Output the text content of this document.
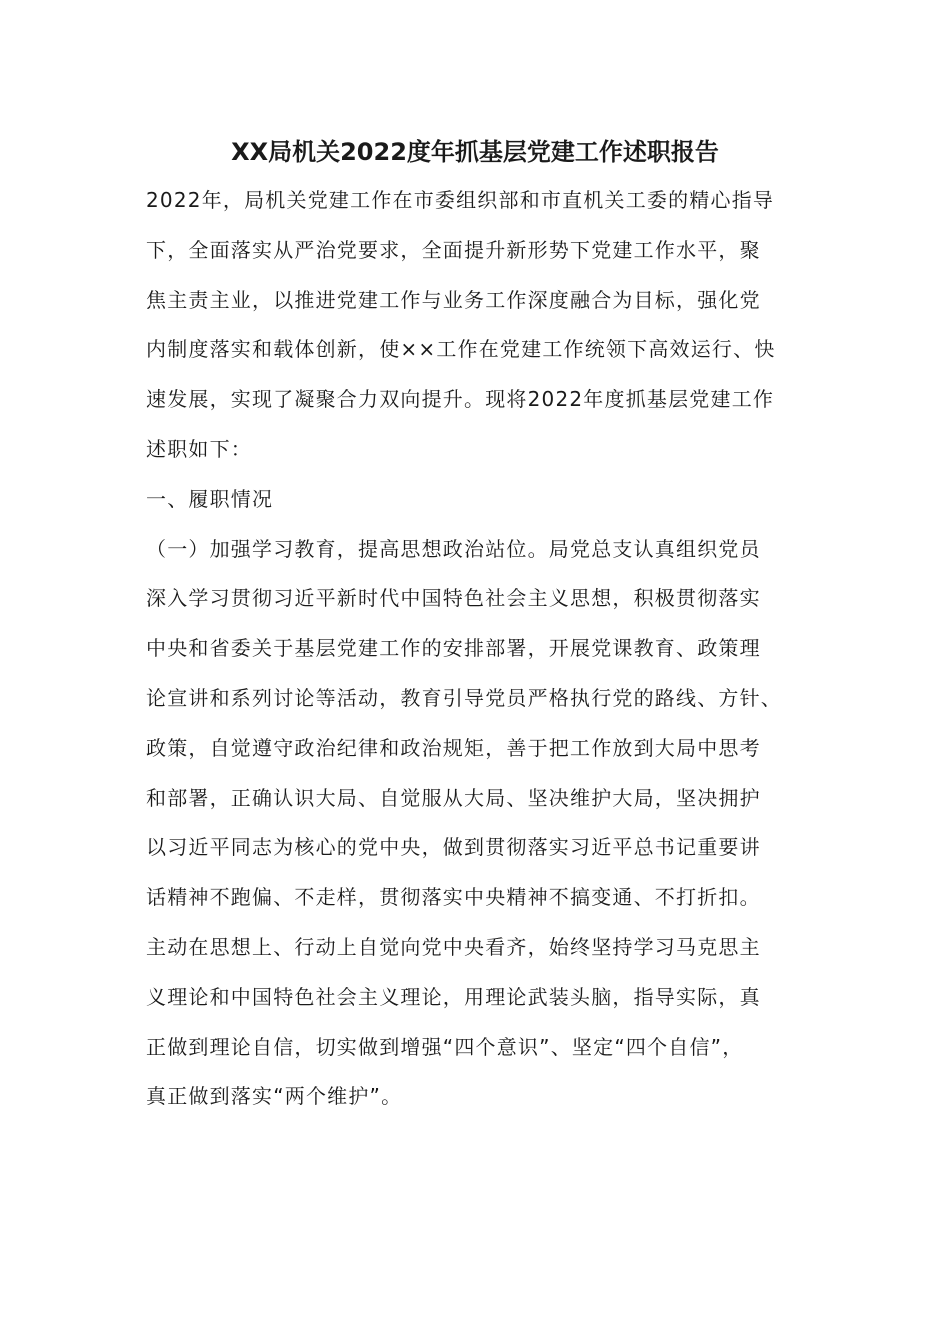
XX局机关2022度年抓基层党建工作述职报告
2022年，局机关党建工作在市委组织部和市直机关工委的精心指导
下，全面落实从严治党要求，全面提升新形势下党建工作水平，聚
焦主责主业，以推进党建工作与业务工作深度融合为目标，强化党
内制度落实和载体创新，使××工作在党建工作统领下高效运行、快
速发展，实现了凝聚合力双向提升。现将2022年度抓基层党建工作
述职如下：
一、履职情况
（一）加强学习教育，提高思想政治站位。局党总支认真组织党员
深入学习贯彻习近平新时代中国特色社会主义思想，积极贯彻落实
中央和省委关于基层党建工作的安排部署，开展党课教育、政策理
论宣讲和系列讨论等活动，教育引导党员严格执行党的路线、方针、
政策，自觉遵守政治纪律和政治规矩，善于把工作放到大局中思考
和部署，正确认识大局、自觉服从大局、坚决维护大局，坚决拥护
以习近平同志为核心的党中央，做到贯彻落实习近平总书记重要讲
话精神不跑偏、不走样，贯彻落实中央精神不搞变通、不打折扣。
主动在思想上、行动上自觉向党中央看齐，始终坚持学习马克思主
义理论和中国特色社会主义理论，用理论武装头脑，指导实际，真
正做到理论自信，切实做到增强“四个意识”、坚定“四个自信”，
真正做到落实“两个维护”。
